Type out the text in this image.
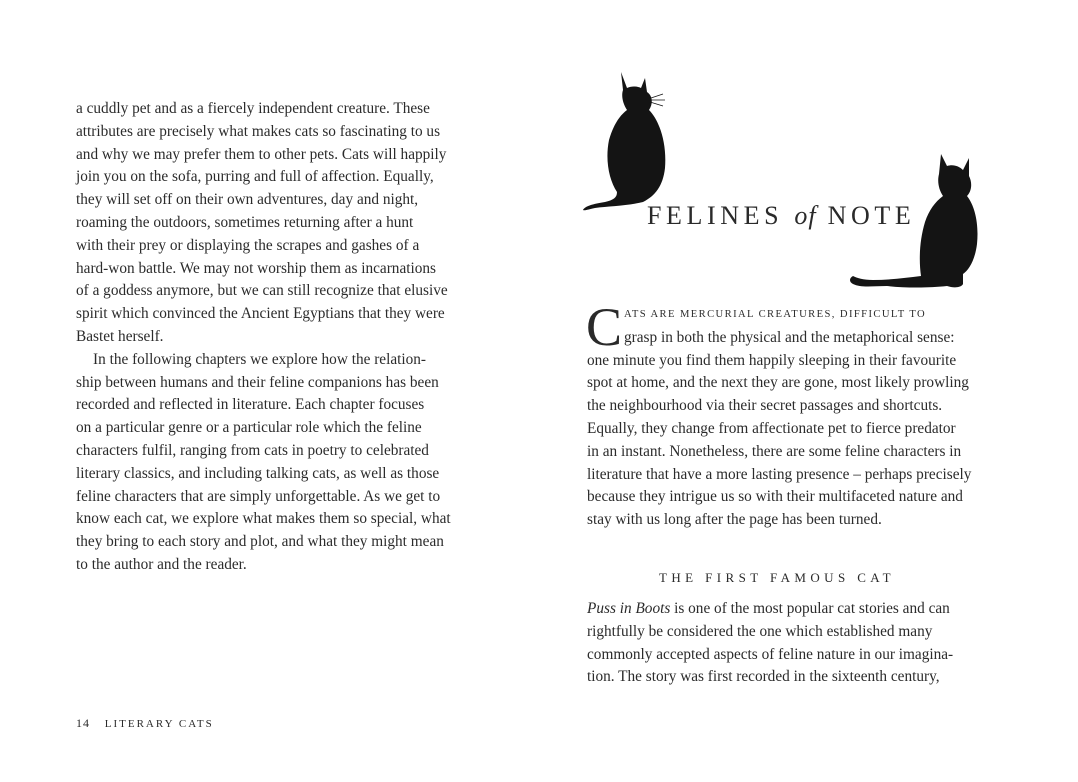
a cuddly pet and as a fiercely independent creature. These
attributes are precisely what makes cats so fascinating to us
and why we may prefer them to other pets. Cats will happily
join you on the sofa, purring and full of affection. Equally,
they will set off on their own adventures, day and night,
roaming the outdoors, sometimes returning after a hunt
with their prey or displaying the scrapes and gashes of a
hard-won battle. We may not worship them as incarnations
of a goddess anymore, but we can still recognize that elusive
spirit which convinced the Ancient Egyptians that they were
Bastet herself.
In the following chapters we explore how the relation-
ship between humans and their feline companions has been
recorded and reflected in literature. Each chapter focuses
on a particular genre or a particular role which the feline
characters fulfil, ranging from cats in poetry to celebrated
literary classics, and including talking cats, as well as those
feline characters that are simply unforgettable. As we get to
know each cat, we explore what makes them so special, what
they bring to each story and plot, and what they might mean
to the author and the reader.
14 LITERARY CATS
FELINES of NOTE
C ATS ARE MERCURIAL CREATURES, DIFFICULT TO
grasp in both the physical and the metaphorical sense:
one minute you find them happily sleeping in their favourite
spot at home, and the next they are gone, most likely prowling
the neighbourhood via their secret passages and shortcuts.
Equally, they change from affectionate pet to fierce predator
in an instant. Nonetheless, there are some feline characters in
literature that have a more lasting presence – perhaps precisely
because they intrigue us so with their multifaceted nature and
stay with us long after the page has been turned.
THE FIRST FAMOUS CAT
Puss in Boots is one of the most popular cat stories and can
rightfully be considered the one which established many
commonly accepted aspects of feline nature in our imagina-
tion. The story was first recorded in the sixteenth century,
